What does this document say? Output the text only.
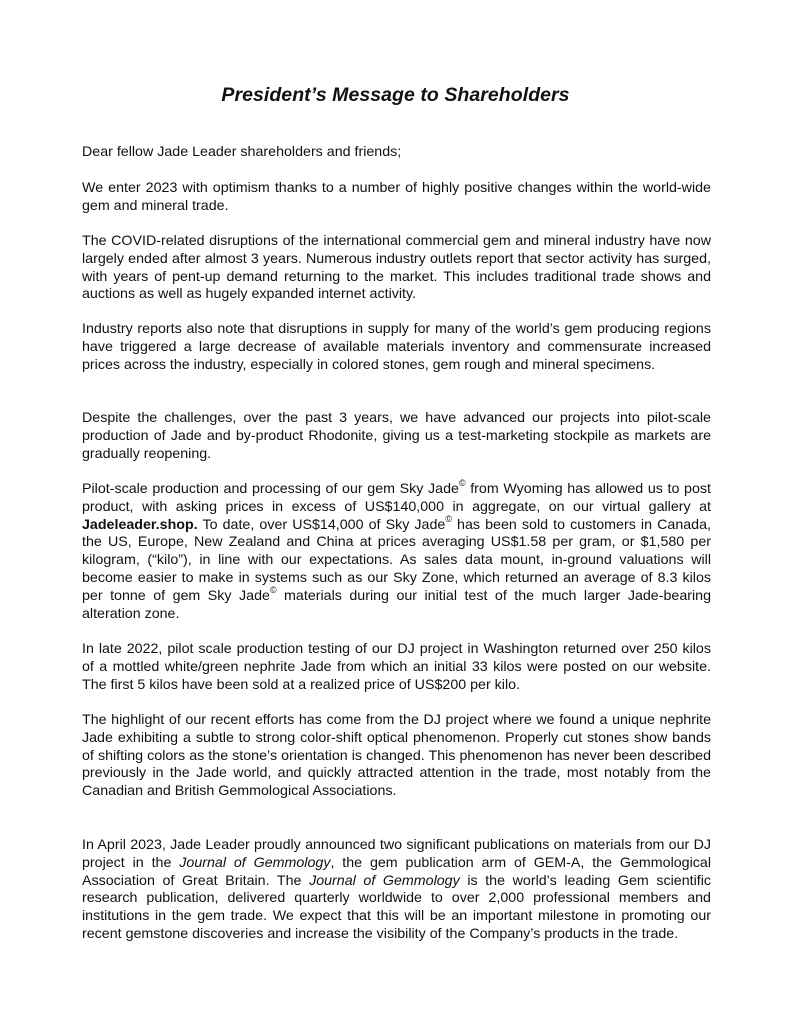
President’s Message to Shareholders

Dear fellow Jade Leader shareholders and friends;

We enter 2023 with optimism thanks to a number of highly positive changes within the world-wide gem and mineral trade.

The COVID-related disruptions of the international commercial gem and mineral industry have now largely ended after almost 3 years. Numerous industry outlets report that sector activity has surged, with years of pent-up demand returning to the market. This includes traditional trade shows and auctions as well as hugely expanded internet activity.

Industry reports also note that disruptions in supply for many of the world’s gem producing regions have triggered a large decrease of available materials inventory and commensurate increased prices across the industry, especially in colored stones, gem rough and mineral specimens.

Despite the challenges, over the past 3 years, we have advanced our projects into pilot-scale production of Jade and by-product Rhodonite, giving us a test-marketing stockpile as markets are gradually reopening.

Pilot-scale production and processing of our gem Sky Jade© from Wyoming has allowed us to post product, with asking prices in excess of US$140,000 in aggregate, on our virtual gallery at Jadeleader.shop. To date, over US$14,000 of Sky Jade© has been sold to customers in Canada, the US, Europe, New Zealand and China at prices averaging US$1.58 per gram, or $1,580 per kilogram, (“kilo”), in line with our expectations. As sales data mount, in-ground valuations will become easier to make in systems such as our Sky Zone, which returned an average of 8.3 kilos per tonne of gem Sky Jade© materials during our initial test of the much larger Jade-bearing alteration zone.

In late 2022, pilot scale production testing of our DJ project in Washington returned over 250 kilos of a mottled white/green nephrite Jade from which an initial 33 kilos were posted on our website. The first 5 kilos have been sold at a realized price of US$200 per kilo.

The highlight of our recent efforts has come from the DJ project where we found a unique nephrite Jade exhibiting a subtle to strong color-shift optical phenomenon. Properly cut stones show bands of shifting colors as the stone’s orientation is changed. This phenomenon has never been described previously in the Jade world, and quickly attracted attention in the trade, most notably from the Canadian and British Gemmological Associations.

In April 2023, Jade Leader proudly announced two significant publications on materials from our DJ project in the Journal of Gemmology, the gem publication arm of GEM-A, the Gemmological Association of Great Britain. The Journal of Gemmology is the world’s leading Gem scientific research publication, delivered quarterly worldwide to over 2,000 professional members and institutions in the gem trade. We expect that this will be an important milestone in promoting our recent gemstone discoveries and increase the visibility of the Company’s products in the trade.
